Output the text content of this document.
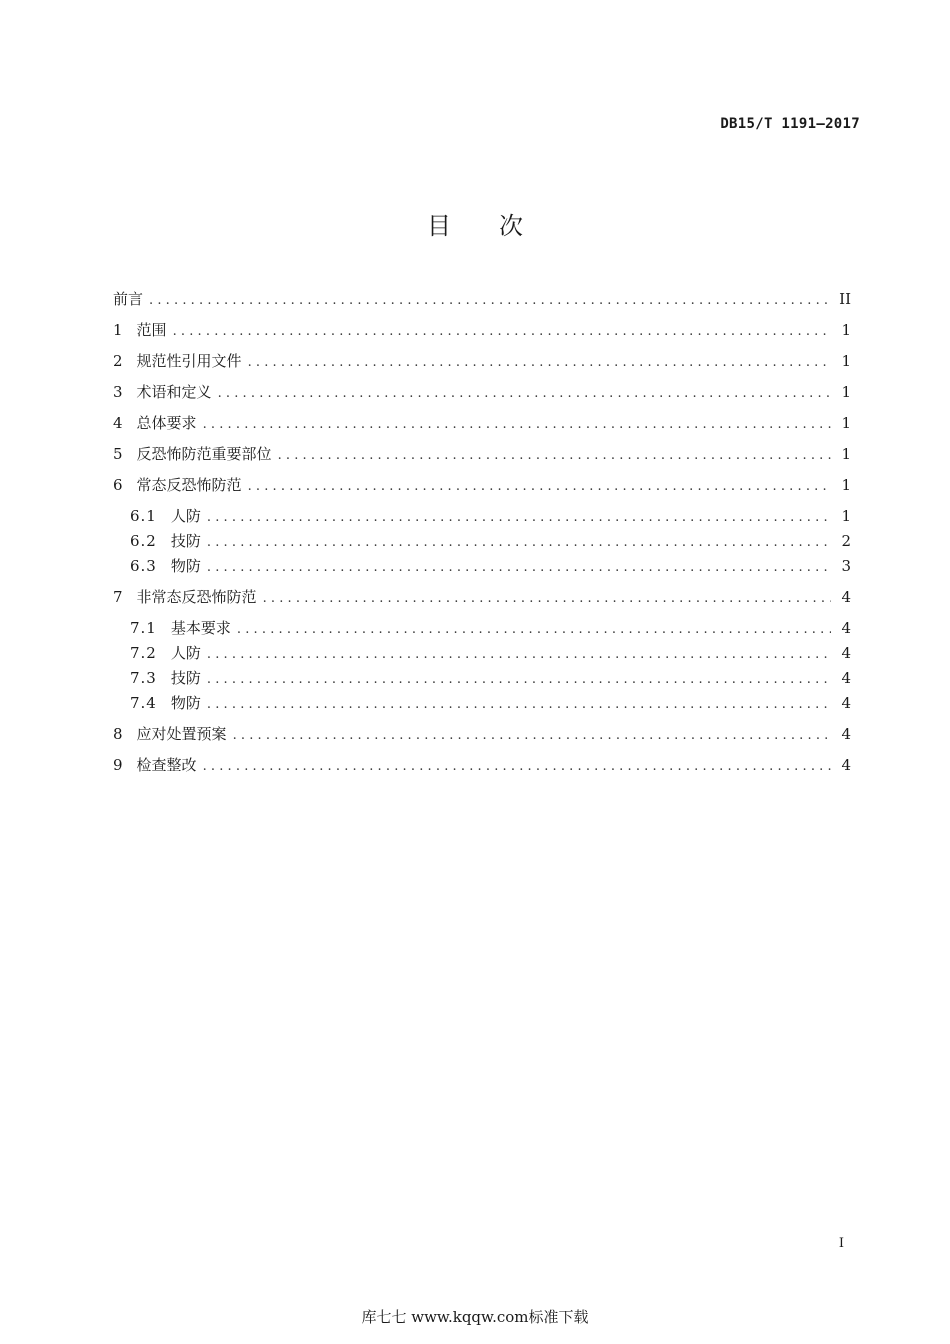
DB15/T 1191—2017
目次
前言 .....	II
1 范围 .....	1
2 规范性引用文件 .....	1
3 术语和定义 .....	1
4 总体要求 .....	1
5 反恐怖防范重要部位 .....	1
6 常态反恐怖防范 .....	1
6.1 人防 .....	1
6.2 技防 .....	2
6.3 物防 .....	3
7 非常态反恐怖防范 .....	4
7.1 基本要求 .....	4
7.2 人防 .....	4
7.3 技防 .....	4
7.4 物防 .....	4
8 应对处置预案 .....	4
9 检查整改 .....	4
I
库七七 www.kqqw.com标准下载
